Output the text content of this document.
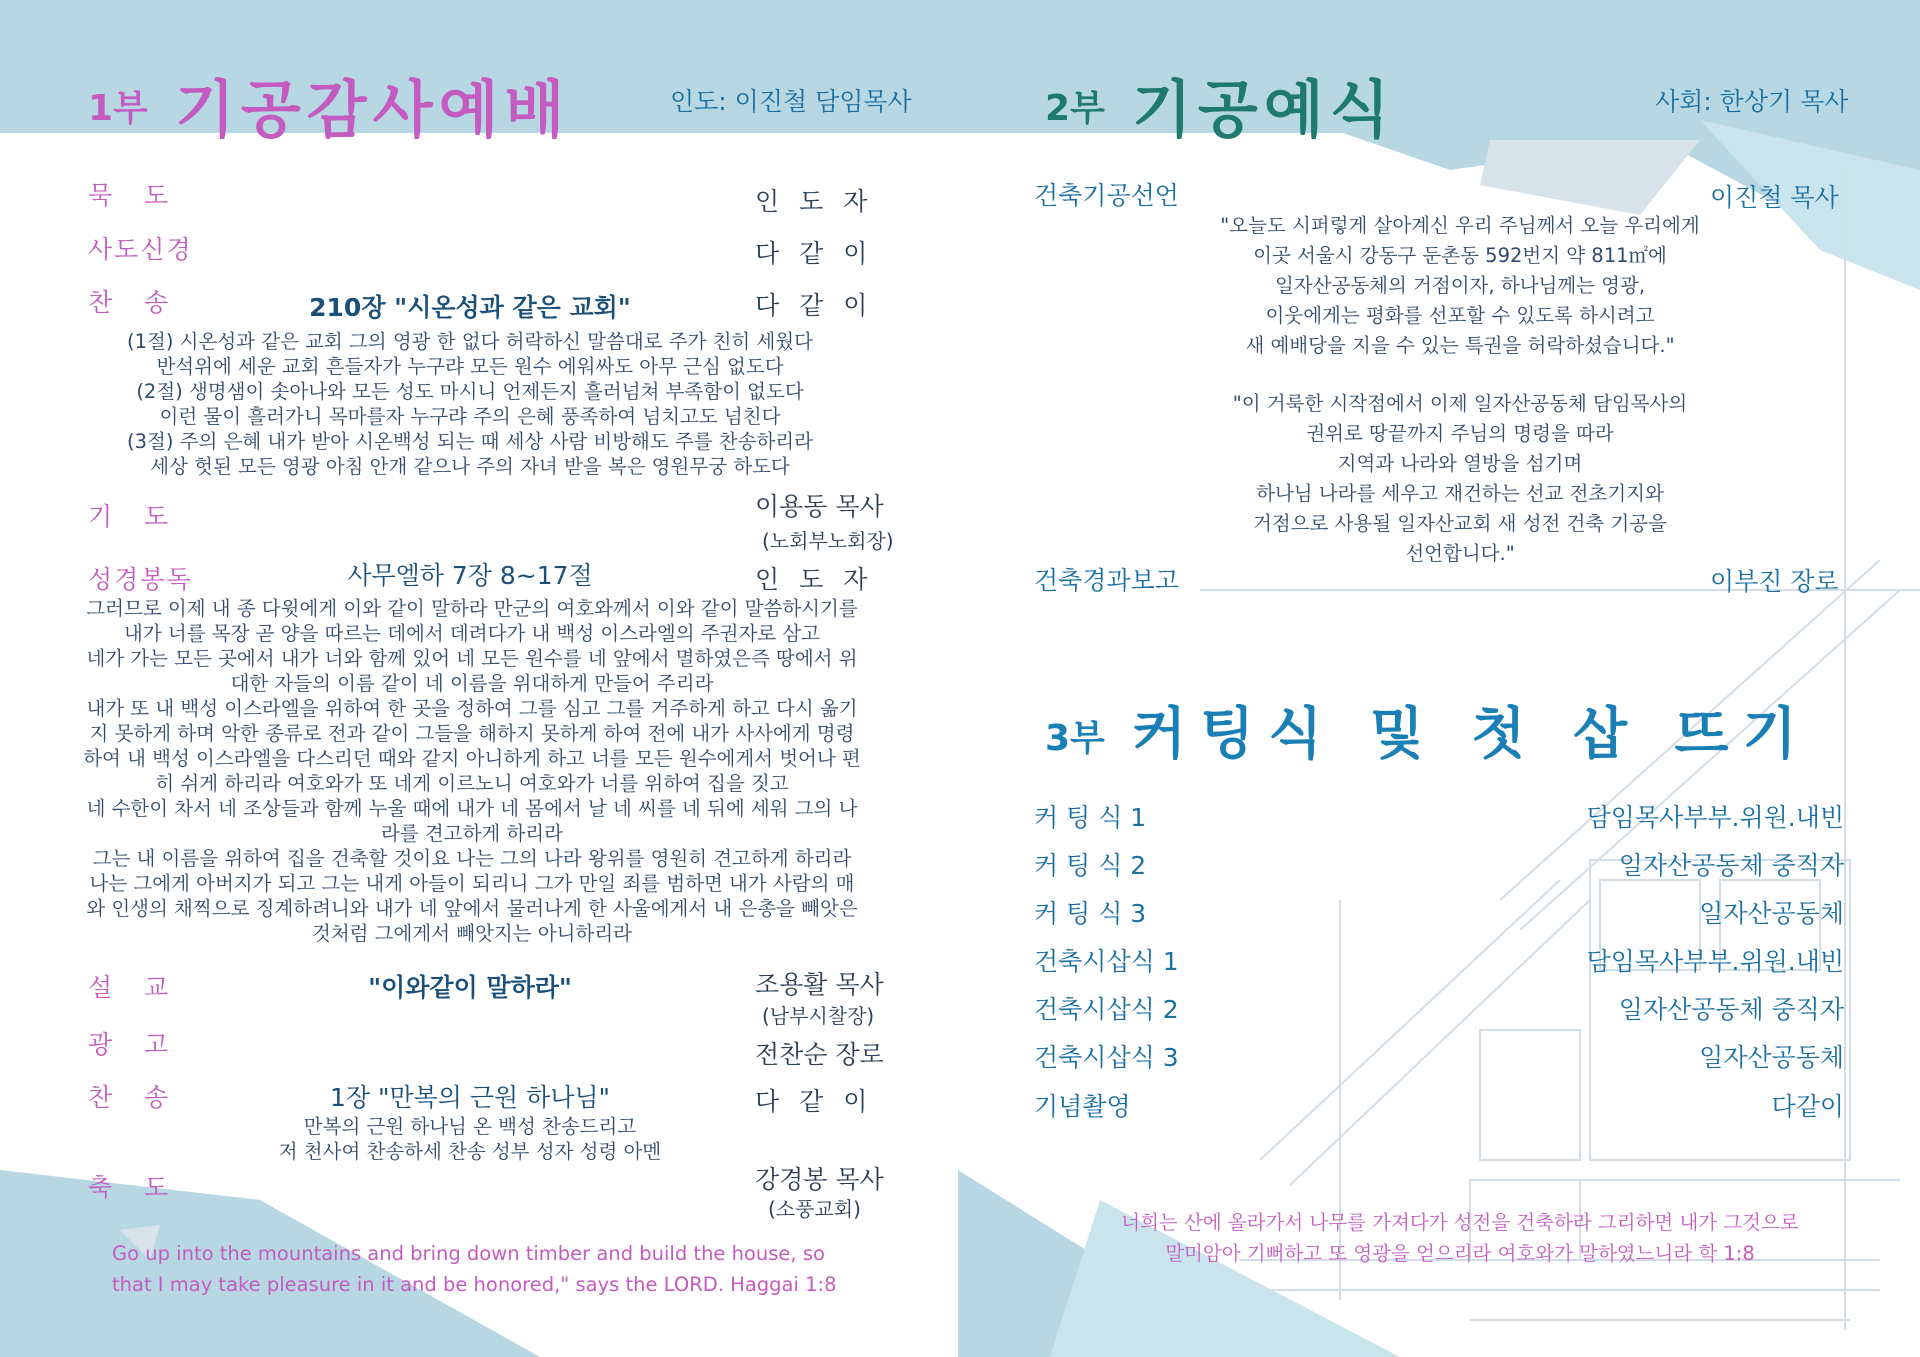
1부 기공감사예배	인도: 이진철 담임목사
묵   도	인 도 자
사도신경	다 같 이
찬   송	210장 "시온성과 같은 교회"	다 같 이
(1절) 시온성과 같은 교회 그의 영광 한 없다 허락하신 말씀대로 주가 친히 세웠다
반석위에 세운 교회 흔들자가 누구랴 모든 원수 에워싸도 아무 근심 없도다
(2절) 생명샘이 솟아나와 모든 성도 마시니 언제든지 흘러넘쳐 부족함이 없도다
이런 물이 흘러가니 목마를자 누구랴 주의 은혜 풍족하여 넘치고도 넘친다
(3절) 주의 은혜 내가 받아 시온백성 되는 때 세상 사람 비방해도 주를 찬송하리라
세상 헛된 모든 영광 아침 안개 같으나 주의 자녀 받을 복은 영원무궁 하도다
기   도	이용동 목사
(노회부노회장)
성경봉독	사무엘하 7장 8~17절	인 도 자
그러므로 이제 내 종 다윗에게 이와 같이 말하라 만군의 여호와께서 이와 같이 말씀하시기를
내가 너를 목장 곧 양을 따르는 데에서 데려다가 내 백성 이스라엘의 주권자로 삼고
네가 가는 모든 곳에서 내가 너와 함께 있어 네 모든 원수를 네 앞에서 멸하였은즉 땅에서 위
대한 자들의 이름 같이 네 이름을 위대하게 만들어 주리라
내가 또 내 백성 이스라엘을 위하여 한 곳을 정하여 그를 심고 그를 거주하게 하고 다시 옮기
지 못하게 하며 악한 종류로 전과 같이 그들을 해하지 못하게 하여 전에 내가 사사에게 명령
하여 내 백성 이스라엘을 다스리던 때와 같지 아니하게 하고 너를 모든 원수에게서 벗어나 편
히 쉬게 하리라 여호와가 또 네게 이르노니 여호와가 너를 위하여 집을 짓고
네 수한이 차서 네 조상들과 함께 누울 때에 내가 네 몸에서 날 네 씨를 네 뒤에 세워 그의 나
라를 견고하게 하리라
그는 내 이름을 위하여 집을 건축할 것이요 나는 그의 나라 왕위를 영원히 견고하게 하리라
나는 그에게 아버지가 되고 그는 내게 아들이 되리니 그가 만일 죄를 범하면 내가 사람의 매
와 인생의 채찍으로 징계하려니와 내가 네 앞에서 물러나게 한 사울에게서 내 은총을 빼앗은
것처럼 그에게서 빼앗지는 아니하리라
설   교	"이와같이 말하라"	조용활 목사
(남부시찰장)
광   고	전찬순 장로
찬   송	1장 "만복의 근원 하나님"	다 같 이
만복의 근원 하나님 온 백성 찬송드리고
저 천사여 찬송하세 찬송 성부 성자 성령 아멘
축   도	강경봉 목사
(소풍교회)
Go up into the mountains and bring down timber and build the house, so
that I may take pleasure in it and be honored," says the LORD. Haggai 1:8
2부 기공예식	사회: 한상기 목사
건축기공선언	이진철 목사
"오늘도 시퍼렇게 살아계신 우리 주님께서 오늘 우리에게
이곳 서울시 강동구 둔촌동 592번지 약 811㎡에
일자산공동체의 거점이자, 하나님께는 영광,
이웃에게는 평화를 선포할 수 있도록 하시려고
새 예배당을 지을 수 있는 특권을 허락하셨습니다."
"이 거룩한 시작점에서 이제 일자산공동체 담임목사의
권위로 땅끝까지 주님의 명령을 따라
지역과 나라와 열방을 섬기며
하나님 나라를 세우고 재건하는 선교 전초기지와
거점으로 사용될 일자산교회 새 성전 건축 기공을
선언합니다."
건축경과보고	이부진 장로
3부 커팅식 및 첫 삽 뜨기
커 팅 식 1	담임목사부부.위원.내빈
커 팅 식 2	일자산공동체 중직자
커 팅 식 3	일자산공동체
건축시삽식 1	담임목사부부.위원.내빈
건축시삽식 2	일자산공동체 중직자
건축시삽식 3	일자산공동체
기념촬영	다같이
너희는 산에 올라가서 나무를 가져다가 성전을 건축하라 그리하면 내가 그것으로
말미암아 기뻐하고 또 영광을 얻으리라 여호와가 말하였느니라 학 1:8
